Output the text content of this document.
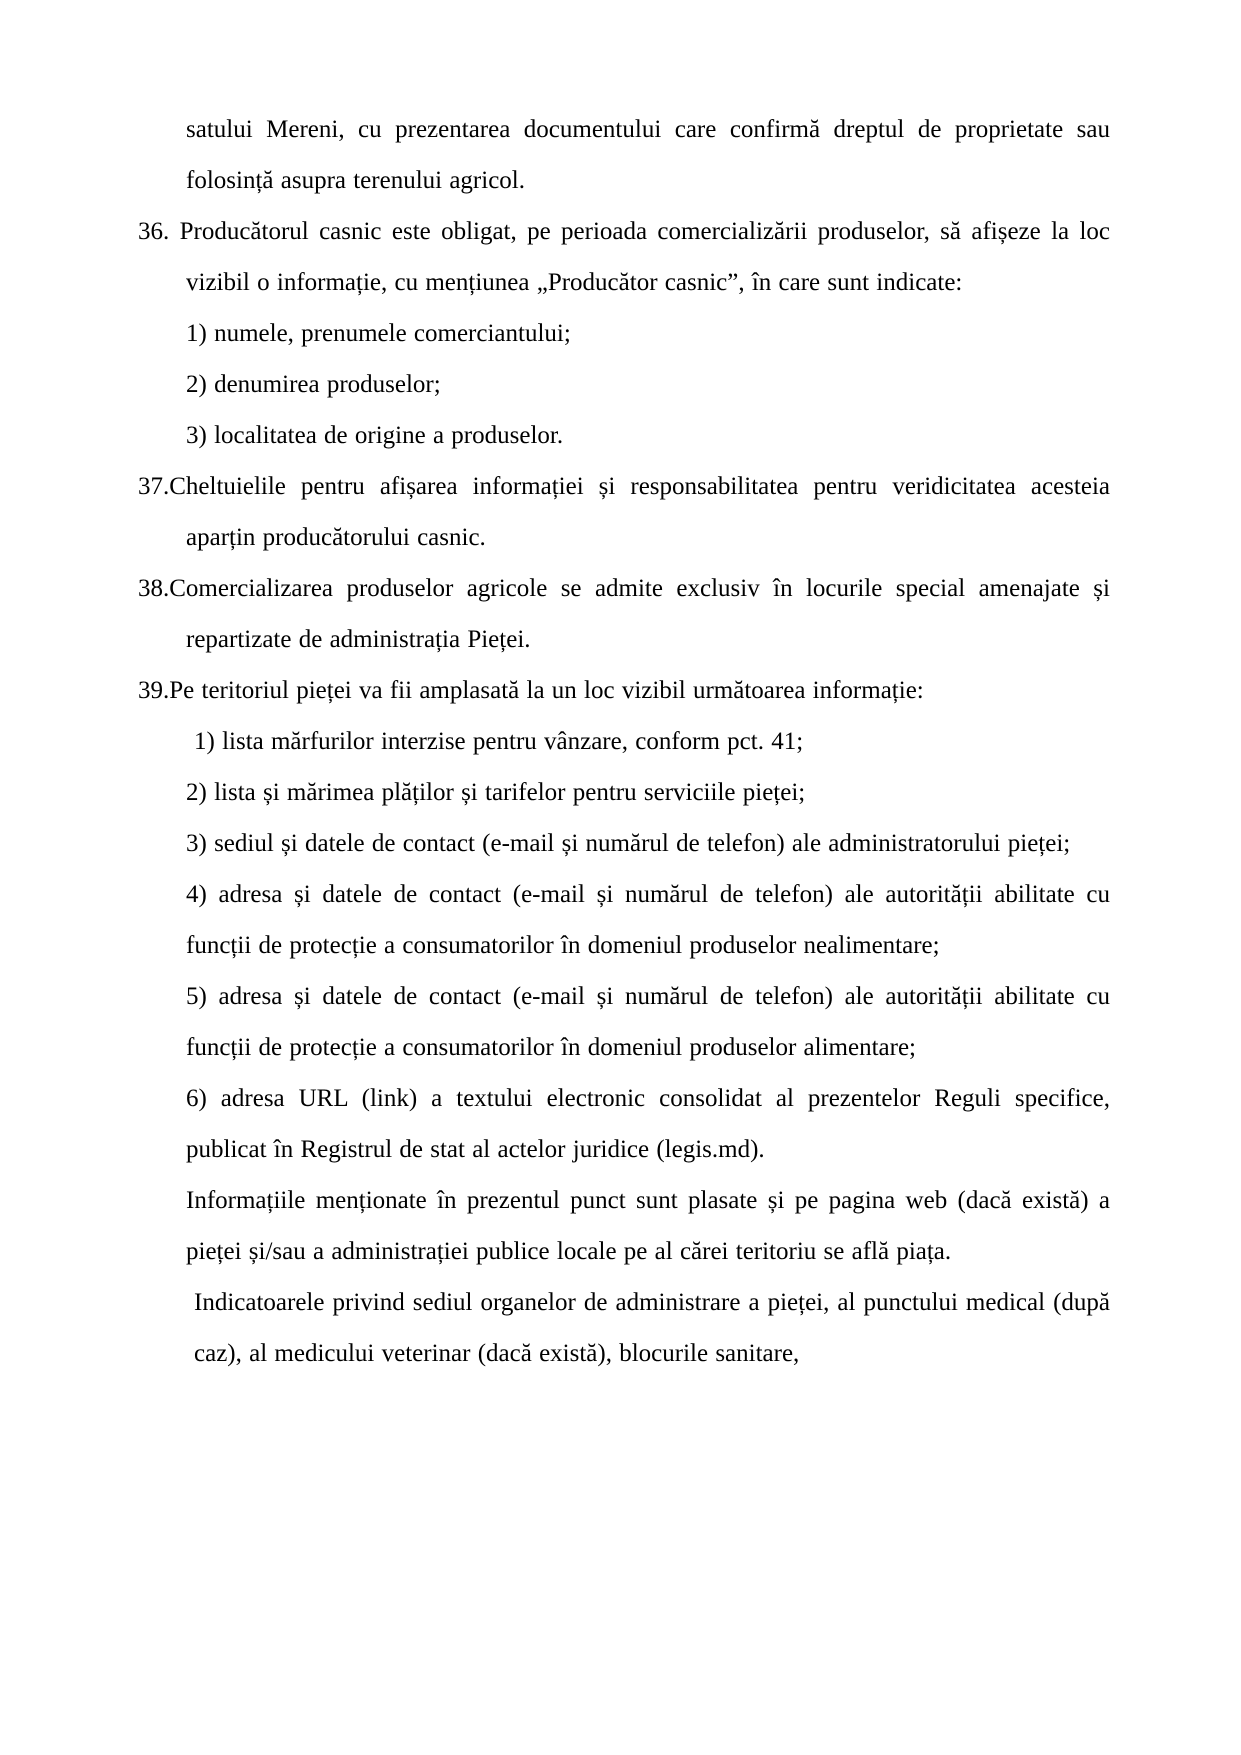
satului Mereni, cu prezentarea documentului care confirmă dreptul de proprietate sau folosință asupra terenului agricol.
36. Producătorul casnic este obligat, pe perioada comercializării produselor, să afișeze la loc vizibil o informație, cu mențiunea „Producător casnic”, în care sunt indicate:
1) numele, prenumele comerciantului;
2) denumirea produselor;
3) localitatea de origine a produselor.
37.Cheltuielile pentru afișarea informației și responsabilitatea pentru veridicitatea acesteia aparțin producătorului casnic.
38.Comercializarea produselor agricole se admite exclusiv în locurile special amenajate și repartizate de administrația Pieței.
39.Pe teritoriul pieței va fii amplasată la un loc vizibil următoarea informație:
1) lista mărfurilor interzise pentru vânzare, conform pct. 41;
2) lista și mărimea plăților și tarifelor pentru serviciile pieței;
3) sediul și datele de contact (e-mail și numărul de telefon) ale administratorului pieței;
4) adresa și datele de contact (e-mail și numărul de telefon) ale autorității abilitate cu funcții de protecție a consumatorilor în domeniul produselor nealimentare;
5) adresa și datele de contact (e-mail și numărul de telefon) ale autorității abilitate cu funcții de protecție a consumatorilor în domeniul produselor alimentare;
6) adresa URL (link) a textului electronic consolidat al prezentelor Reguli specifice, publicat în Registrul de stat al actelor juridice (legis.md).
Informațiile menționate în prezentul punct sunt plasate și pe pagina web (dacă există) a pieței și/sau a administrației publice locale pe al cărei teritoriu se află piața.
Indicatoarele privind sediul organelor de administrare a pieței, al punctului medical (după caz), al medicului veterinar (dacă există), blocurile sanitare,
